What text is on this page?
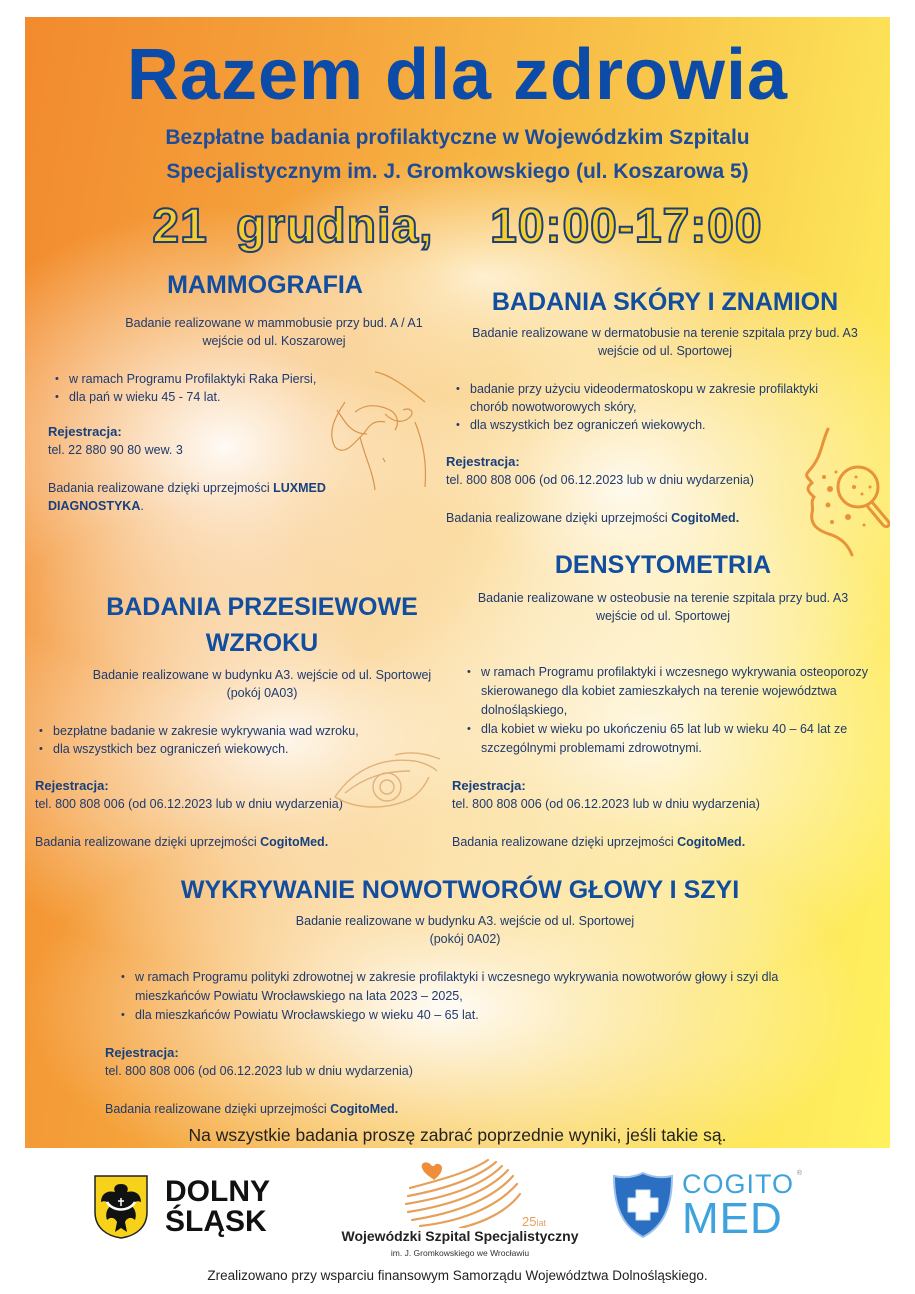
Razem dla zdrowia
Bezpłatne badania profilaktyczne w Wojewódzkim Szpitalu
Specjalistycznym im. J. Gromkowskiego (ul. Koszarowa 5)
21 grudnia,  10:00-17:00
MAMMOGRAFIA
Badanie realizowane w mammobusie przy bud. A / A1
wejście od ul. Koszarowej
• w ramach Programu Profilaktyki Raka Piersi,
• dla pań w wieku 45 - 74 lat.
Rejestracja:
tel. 22 880 90 80 wew. 3
Badania realizowane dzięki uprzejmości LUXMED
DIAGNOSTYKA.
BADANIA SKÓRY I ZNAMION
Badanie realizowane w dermatobusie na terenie szpitala przy bud. A3
wejście od ul. Sportowej
• badanie przy użyciu videodermatoskopu w zakresie profilaktyki chorób nowotworowych skóry,
• dla wszystkich bez ograniczeń wiekowych.
Rejestracja:
tel. 800 808 006 (od 06.12.2023 lub w dniu wydarzenia)
Badania realizowane dzięki uprzejmości CogitoMed.
DENSYTOMETRIA
Badanie realizowane w osteobusie na terenie szpitala przy bud. A3
wejście od ul. Sportowej
• w ramach Programu profilaktyki i wczesnego wykrywania osteoporozy skierowanego dla kobiet zamieszkałych na terenie województwa dolnośląskiego,
• dla kobiet w wieku po ukończeniu 65 lat lub w wieku 40 – 64 lat ze szczególnymi problemami zdrowotnymi.
Rejestracja:
tel. 800 808 006 (od 06.12.2023 lub w dniu wydarzenia)
Badania realizowane dzięki uprzejmości CogitoMed.
BADANIA PRZESIEWOWE
WZROKU
Badanie realizowane w budynku A3. wejście od ul. Sportowej
(pokój 0A03)
• bezpłatne badanie w zakresie wykrywania wad wzroku,
• dla wszystkich bez ograniczeń wiekowych.
Rejestracja:
tel. 800 808 006 (od 06.12.2023 lub w dniu wydarzenia)
Badania realizowane dzięki uprzejmości CogitoMed.
WYKRYWANIE NOWOTWORÓW GŁOWY I SZYI
Badanie realizowane w budynku A3. wejście od ul. Sportowej
(pokój 0A02)
• w ramach Programu polityki zdrowotnej w zakresie profilaktyki i wczesnego wykrywania nowotworów głowy i szyi dla mieszkańców Powiatu Wrocławskiego na lata 2023 – 2025,
• dla mieszkańców Powiatu Wrocławskiego w wieku 40 – 65 lat.
Rejestracja:
tel. 800 808 006 (od 06.12.2023 lub w dniu wydarzenia)
Badania realizowane dzięki uprzejmości CogitoMed.
Na wszystkie badania proszę zabrać poprzednie wyniki, jeśli takie są.
DOLNY
ŚLĄSK	25lat
Wojewódzki Szpital Specjalistyczny
im. J. Gromkowskiego we Wrocławiu
COGITO
MED
®
Zrealizowano przy wsparciu finansowym Samorządu Województwa Dolnośląskiego.
